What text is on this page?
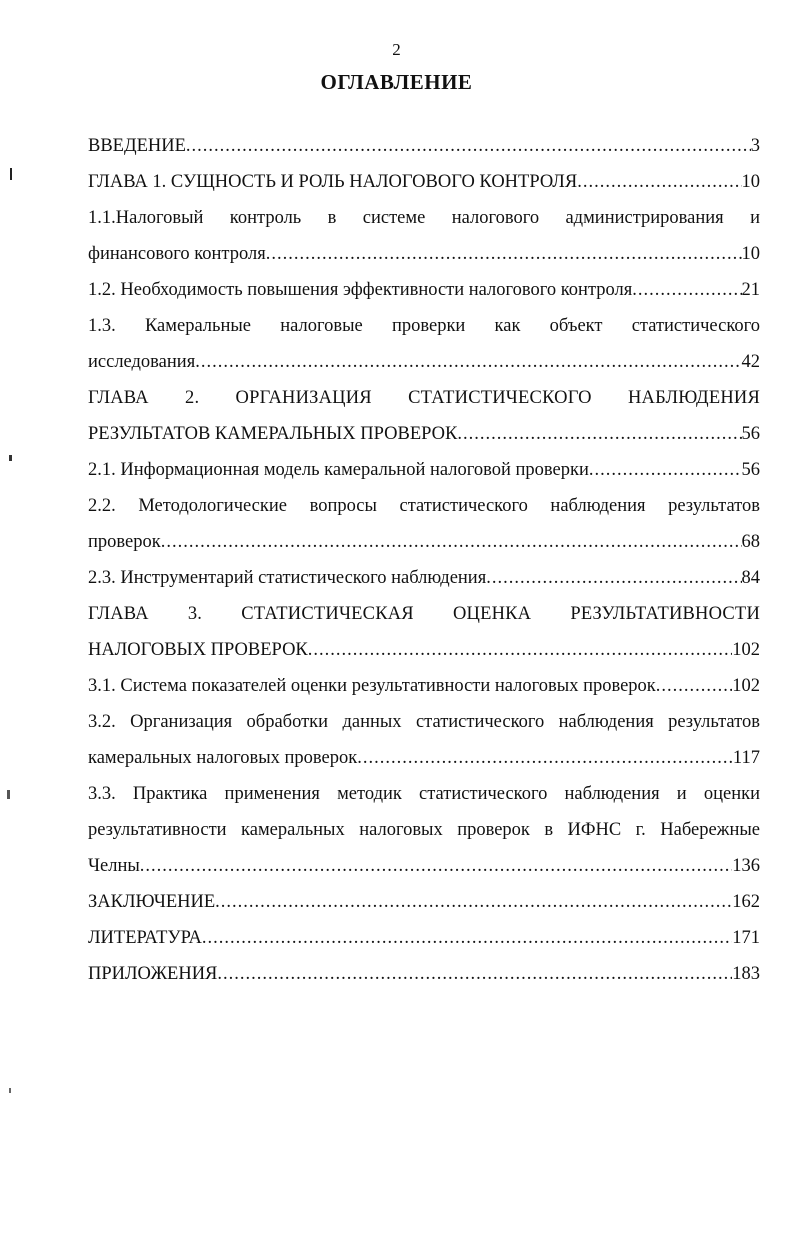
2
ОГЛАВЛЕНИЕ
ВВЕДЕНИЕ .....	3
ГЛАВА 1. СУЩНОСТЬ И РОЛЬ НАЛОГОВОГО КОНТРОЛЯ .....	10
1.1.Налоговый контроль в системе налогового администрирования и
финансового контроля .....	10
1.2. Необходимость повышения эффективности налогового контроля .....	21
1.3. Камеральные налоговые проверки как объект статистического
исследования .....	42
ГЛАВА 2. ОРГАНИЗАЦИЯ СТАТИСТИЧЕСКОГО НАБЛЮДЕНИЯ
РЕЗУЛЬТАТОВ КАМЕРАЛЬНЫХ ПРОВЕРОК .....	56
2.1. Информационная модель камеральной налоговой проверки .....	56
2.2. Методологические вопросы статистического наблюдения результатов
проверок .....	68
2.3. Инструментарий статистического наблюдения .....	84
ГЛАВА 3. СТАТИСТИЧЕСКАЯ ОЦЕНКА РЕЗУЛЬТАТИВНОСТИ
НАЛОГОВЫХ ПРОВЕРОК .....	102
3.1. Система показателей оценки результативности налоговых проверок .....	102
3.2. Организация обработки данных статистического наблюдения результатов
камеральных налоговых проверок .....	117
3.3. Практика применения методик статистического наблюдения и оценки
результативности камеральных налоговых проверок в ИФНС г. Набережные
Челны .....	136
ЗАКЛЮЧЕНИЕ .....	162
ЛИТЕРАТУРА .....	171
ПРИЛОЖЕНИЯ .....	183
